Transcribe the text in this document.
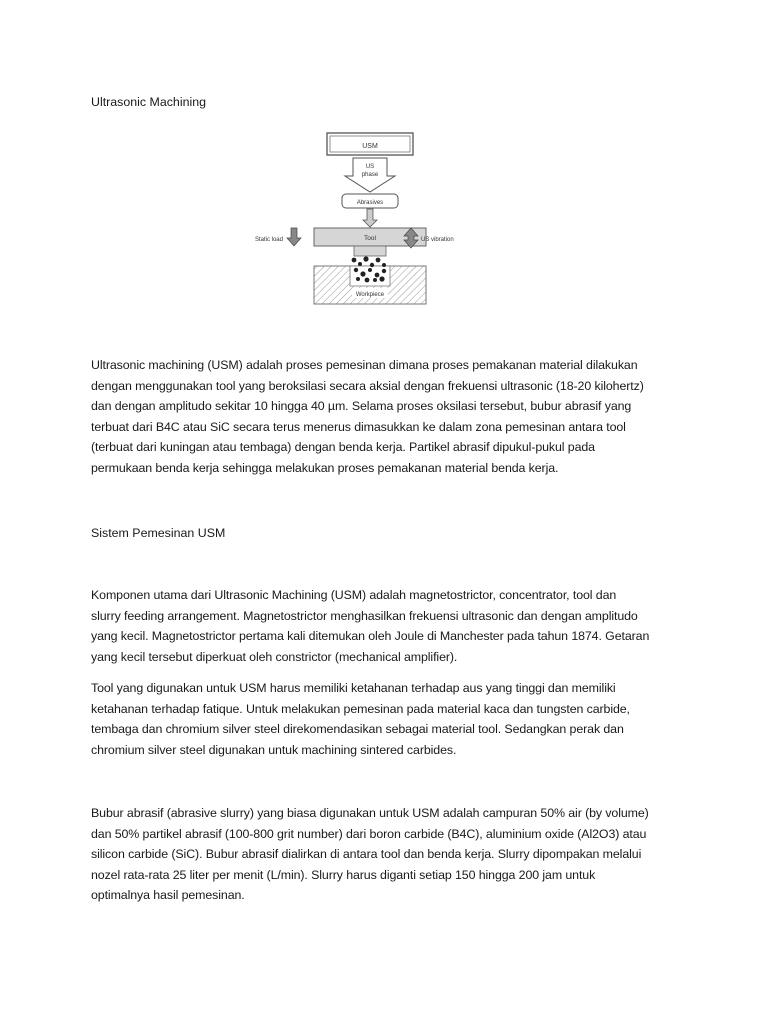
Ultrasonic Machining
USM
US
phase
Abrasives
Tool
Static load	US vibration
Workpiece
Ultrasonic machining (USM) adalah proses pemesinan dimana proses pemakanan material dilakukan
dengan menggunakan tool yang beroksilasi secara aksial dengan frekuensi ultrasonic (18-20 kilohertz)
dan dengan amplitudo sekitar 10 hingga 40 µm. Selama proses oksilasi tersebut, bubur abrasif yang
terbuat dari B4C atau SiC secara terus menerus dimasukkan ke dalam zona pemesinan antara tool
(terbuat dari kuningan atau tembaga) dengan benda kerja. Partikel abrasif dipukul-pukul pada
permukaan benda kerja sehingga melakukan proses pemakanan material benda kerja.
Sistem Pemesinan USM
Komponen utama dari Ultrasonic Machining (USM) adalah magnetostrictor, concentrator, tool dan
slurry feeding arrangement. Magnetostrictor menghasilkan frekuensi ultrasonic dan dengan amplitudo
yang kecil. Magnetostrictor pertama kali ditemukan oleh Joule di Manchester pada tahun 1874. Getaran
yang kecil tersebut diperkuat oleh constrictor (mechanical amplifier).
Tool yang digunakan untuk USM harus memiliki ketahanan terhadap aus yang tinggi dan memiliki
ketahanan terhadap fatique. Untuk melakukan pemesinan pada material kaca dan tungsten carbide,
tembaga dan chromium silver steel direkomendasikan sebagai material tool. Sedangkan perak dan
chromium silver steel digunakan untuk machining sintered carbides.
Bubur abrasif (abrasive slurry) yang biasa digunakan untuk USM adalah campuran 50% air (by volume)
dan 50% partikel abrasif (100-800 grit number) dari boron carbide (B4C), aluminium oxide (Al2O3) atau
silicon carbide (SiC). Bubur abrasif dialirkan di antara tool dan benda kerja. Slurry dipompakan melalui
nozel rata-rata 25 liter per menit (L/min). Slurry harus diganti setiap 150 hingga 200 jam untuk
optimalnya hasil pemesinan.
